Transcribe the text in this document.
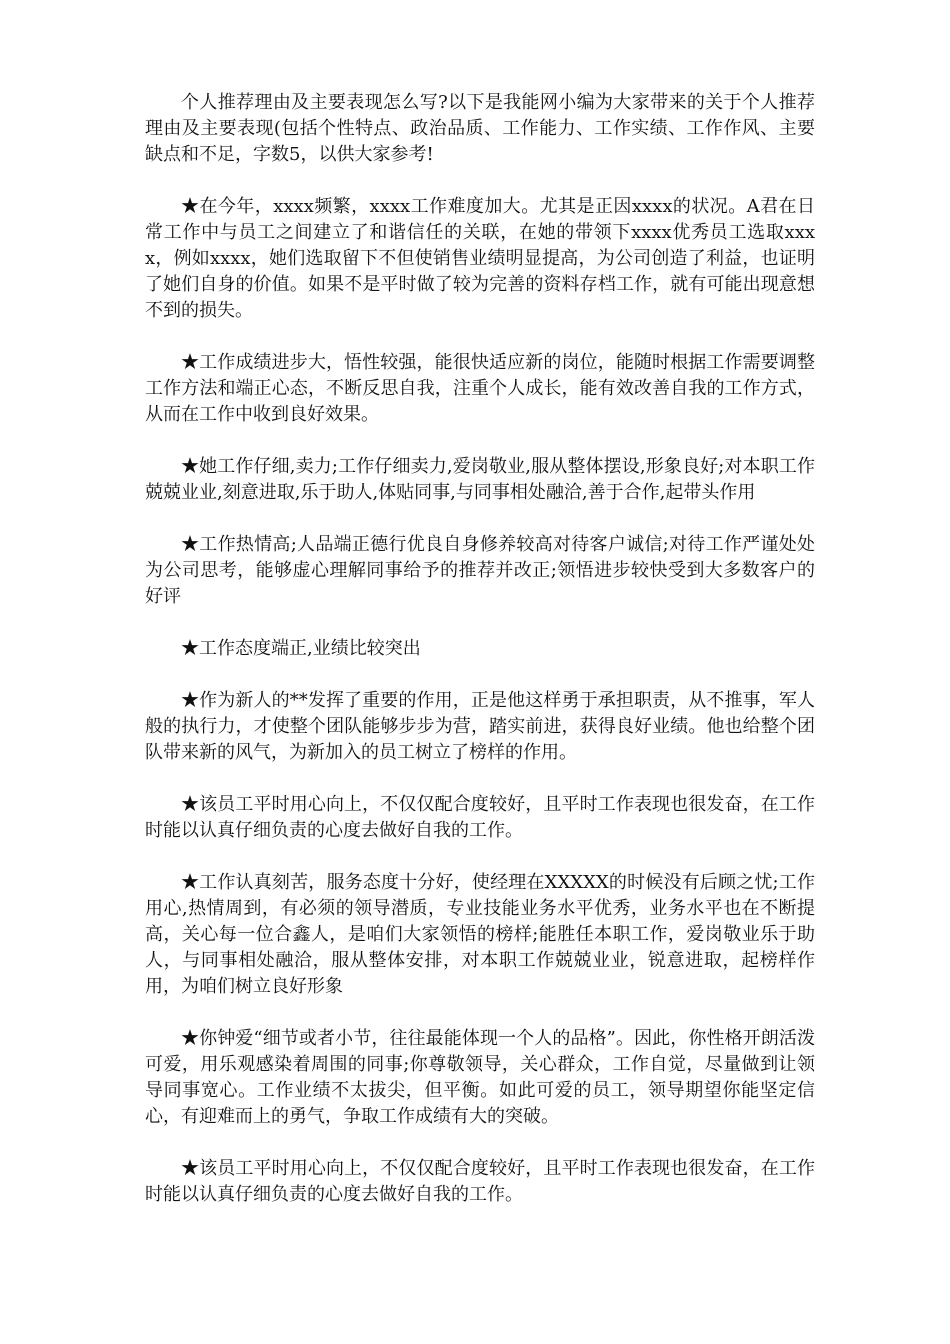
个人推荐理由及主要表现怎么写?以下是我能网小编为大家带来的关于个人推荐理由及主要表现(包括个性特点、政治品质、工作能力、工作实绩、工作作风、主要缺点和不足，字数5，以供大家参考!

★在今年，xxxx频繁，xxxx工作难度加大。尤其是正因xxxx的状况。A君在日常工作中与员工之间建立了和谐信任的关联，在她的带领下xxxx优秀员工选取xxxx，例如xxxx，她们选取留下不但使销售业绩明显提高，为公司创造了利益，也证明了她们自身的价值。如果不是平时做了较为完善的资料存档工作，就有可能出现意想不到的损失。

★工作成绩进步大，悟性较强，能很快适应新的岗位，能随时根据工作需要调整工作方法和端正心态，不断反思自我，注重个人成长，能有效改善自我的工作方式，从而在工作中收到良好效果。

★她工作仔细,卖力;工作仔细卖力,爱岗敬业,服从整体摆设,形象良好;对本职工作兢兢业业,刻意进取,乐于助人,体贴同事,与同事相处融洽,善于合作,起带头作用

★工作热情高;人品端正德行优良自身修养较高对待客户诚信;对待工作严谨处处为公司思考，能够虚心理解同事给予的推荐并改正;领悟进步较快受到大多数客户的好评

★工作态度端正,业绩比较突出

★作为新人的**发挥了重要的作用，正是他这样勇于承担职责，从不推事，军人般的执行力，才使整个团队能够步步为营，踏实前进，获得良好业绩。他也给整个团队带来新的风气，为新加入的员工树立了榜样的作用。

★该员工平时用心向上，不仅仅配合度较好，且平时工作表现也很发奋，在工作时能以认真仔细负责的心度去做好自我的工作。

★工作认真刻苦，服务态度十分好，使经理在XXXXX的时候没有后顾之忧;工作用心,热情周到，有必须的领导潜质，专业技能业务水平优秀，业务水平也在不断提高，关心每一位合鑫人，是咱们大家领悟的榜样;能胜任本职工作，爱岗敬业乐于助人，与同事相处融洽，服从整体安排，对本职工作兢兢业业，锐意进取，起榜样作用，为咱们树立良好形象

★你钟爱“细节或者小节，往往最能体现一个人的品格”。因此，你性格开朗活泼可爱，用乐观感染着周围的同事;你尊敬领导，关心群众，工作自觉，尽量做到让领导同事宽心。工作业绩不太拔尖，但平衡。如此可爱的员工，领导期望你能坚定信心，有迎难而上的勇气，争取工作成绩有大的突破。

★该员工平时用心向上，不仅仅配合度较好，且平时工作表现也很发奋，在工作时能以认真仔细负责的心度去做好自我的工作。
